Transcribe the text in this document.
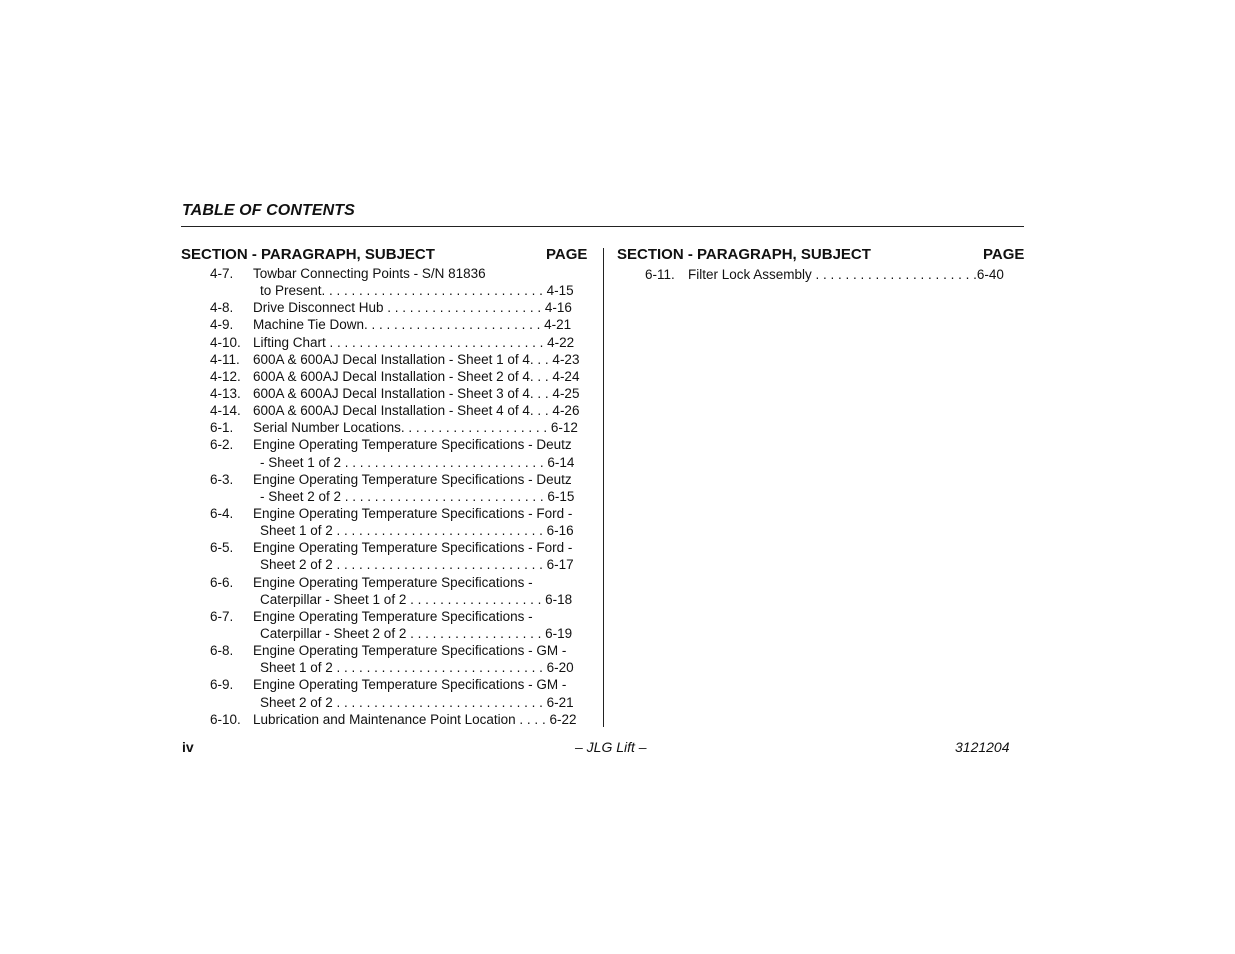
TABLE OF CONTENTS
SECTION - PARAGRAPH, SUBJECT	PAGE SECTION - PARAGRAPH, SUBJECT	PAGE
4-7. Towbar Connecting Points - S/N 81836
to Present. . . . . . . . . . . . . . . . . . . . . . . . . . . . . . 4-15
4-8. Drive Disconnect Hub . . . . . . . . . . . . . . . . . . . . . 4-16
4-9. Machine Tie Down. . . . . . . . . . . . . . . . . . . . . . . . 4-21
4-10. Lifting Chart . . . . . . . . . . . . . . . . . . . . . . . . . . . . . 4-22
4-11. 600A & 600AJ Decal Installation - Sheet 1 of 4. . . 4-23
4-12. 600A & 600AJ Decal Installation - Sheet 2 of 4. . . 4-24
4-13. 600A & 600AJ Decal Installation - Sheet 3 of 4. . . 4-25
4-14. 600A & 600AJ Decal Installation - Sheet 4 of 4. . . 4-26
6-1. Serial Number Locations. . . . . . . . . . . . . . . . . . . . 6-12
6-2. Engine Operating Temperature Specifications - Deutz
- Sheet 1 of 2 . . . . . . . . . . . . . . . . . . . . . . . . . . . 6-14
6-3. Engine Operating Temperature Specifications - Deutz
- Sheet 2 of 2 . . . . . . . . . . . . . . . . . . . . . . . . . . . 6-15
6-4. Engine Operating Temperature Specifications - Ford -
Sheet 1 of 2 . . . . . . . . . . . . . . . . . . . . . . . . . . . . 6-16
6-5. Engine Operating Temperature Specifications - Ford -
Sheet 2 of 2 . . . . . . . . . . . . . . . . . . . . . . . . . . . . 6-17
6-6. Engine Operating Temperature Specifications -
Caterpillar - Sheet 1 of 2 . . . . . . . . . . . . . . . . . . 6-18
6-7. Engine Operating Temperature Specifications -
Caterpillar - Sheet 2 of 2 . . . . . . . . . . . . . . . . . . 6-19
6-8. Engine Operating Temperature Specifications - GM -
Sheet 1 of 2 . . . . . . . . . . . . . . . . . . . . . . . . . . . . 6-20
6-9. Engine Operating Temperature Specifications - GM -
Sheet 2 of 2 . . . . . . . . . . . . . . . . . . . . . . . . . . . . 6-21
6-10. Lubrication and Maintenance Point Location . . . . 6-22
6-11. Filter Lock Assembly . . . . . . . . . . . . . . . . . . . . . .6-40
iv	– JLG Lift –	3121204
